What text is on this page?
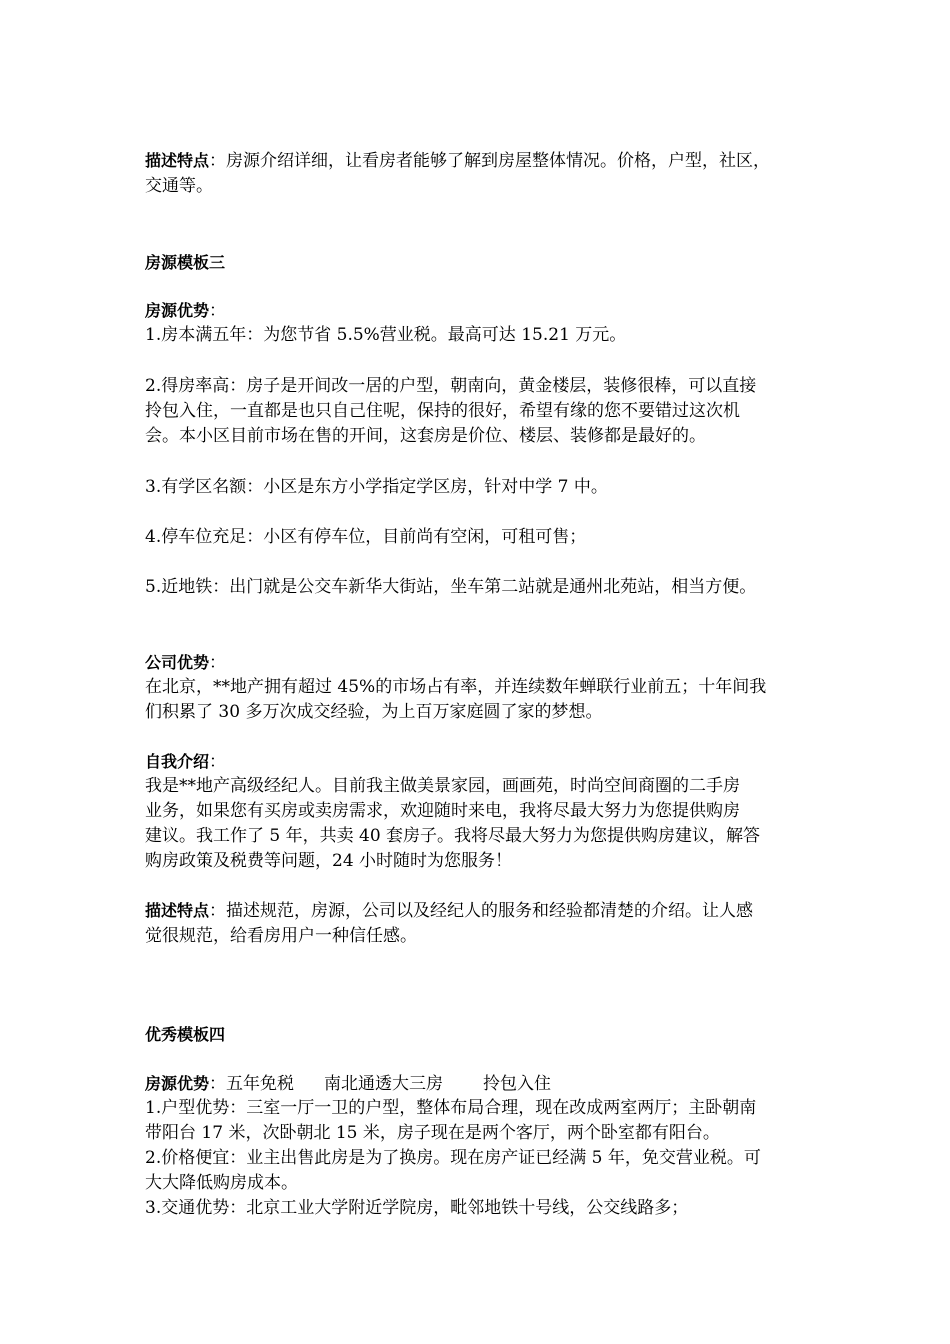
描述特点：房源介绍详细，让看房者能够了解到房屋整体情况。价格，户型，社区，
交通等。
房源模板三
房源优势：
1.房本满五年：为您节省 5.5%营业税。最高可达 15.21 万元。
2.得房率高：房子是开间改一居的户型，朝南向，黄金楼层，装修很棒，可以直接
拎包入住，一直都是也只自己住呢，保持的很好，希望有缘的您不要错过这次机
会。本小区目前市场在售的开间，这套房是价位、楼层、装修都是最好的。
3.有学区名额：小区是东方小学指定学区房，针对中学 7 中。
4.停车位充足：小区有停车位，目前尚有空闲，可租可售；
5.近地铁：出门就是公交车新华大街站，坐车第二站就是通州北苑站，相当方便。
公司优势：
在北京，**地产拥有超过 45%的市场占有率，并连续数年蝉联行业前五；十年间我
们积累了 30 多万次成交经验，为上百万家庭圆了家的梦想。
自我介绍：
我是**地产高级经纪人。目前我主做美景家园，画画苑，时尚空间商圈的二手房
业务，如果您有买房或卖房需求，欢迎随时来电，我将尽最大努力为您提供购房
建议。我工作了 5 年，共卖 40 套房子。我将尽最大努力为您提供购房建议，解答
购房政策及税费等问题，24 小时随时为您服务！
描述特点：描述规范，房源，公司以及经纪人的服务和经验都清楚的介绍。让人感
觉很规范，给看房用户一种信任感。
优秀模板四
房源优势：五年免税 南北通透大三房 拎包入住
1.户型优势：三室一厅一卫的户型，整体布局合理，现在改成两室两厅；主卧朝南
带阳台 17 米，次卧朝北 15 米，房子现在是两个客厅，两个卧室都有阳台。
2.价格便宜：业主出售此房是为了换房。现在房产证已经满 5 年，免交营业税。可
大大降低购房成本。
3.交通优势：北京工业大学附近学院房，毗邻地铁十号线，公交线路多；
